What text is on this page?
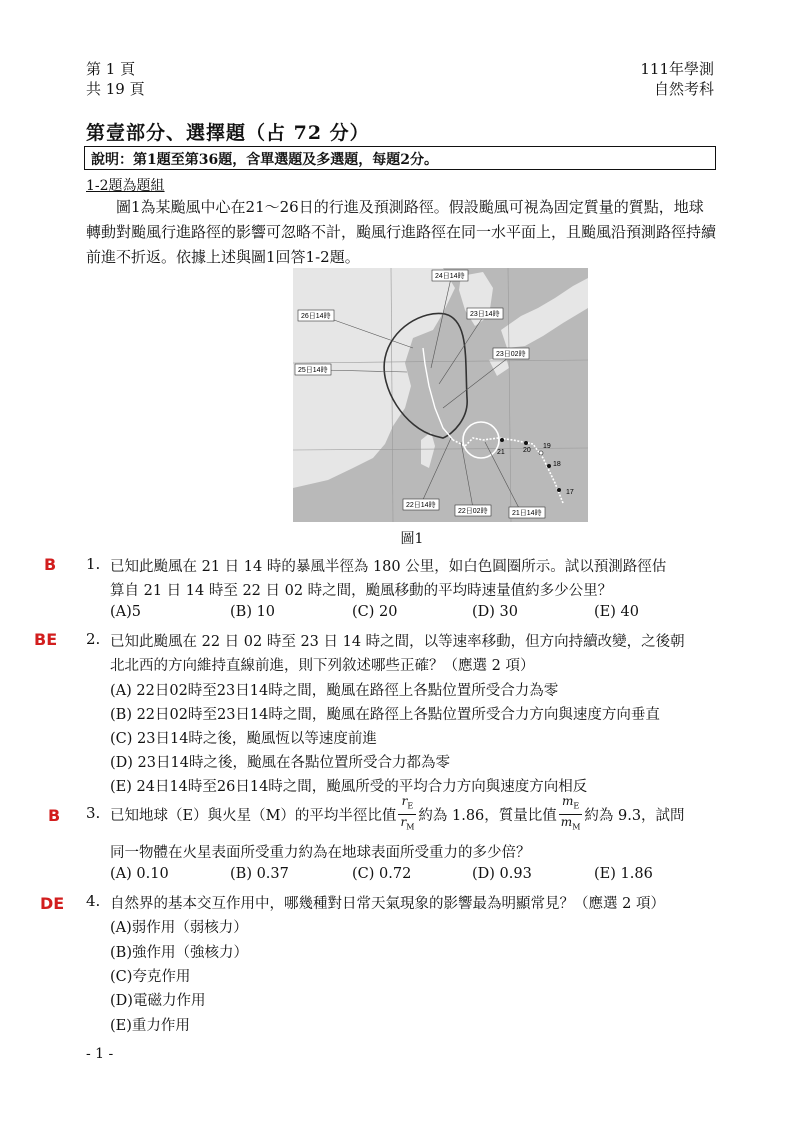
第 1 頁
共 19 頁
111年學測
自然考科
第壹部分、選擇題（占 72 分）
說明：第1題至第36題，含單選題及多選題，每題2分。
1-2題為題組
圖1為某颱風中心在21～26日的行進及預測路徑。假設颱風可視為固定質量的質點，地球轉動對颱風行進路徑的影響可忽略不計，颱風行進路徑在同一水平面上，且颱風沿預測路徑持續前進不折返。依據上述與圖1回答1-2題。
24日14時
26日14時	23日14時
23日02時
25日14時
22日14時
22日02時	21日14時
21	20
19
18
17
圖1
B 1. 已知此颱風在 21 日 14 時的暴風半徑為 180 公里，如白色圓圈所示。試以預測路徑估
算自 21 日 14 時至 22 日 02 時之間，颱風移動的平均時速量值約多少公里？
(A)5	(B) 10	(C) 20	(D) 30	(E) 40
BE 2. 已知此颱風在 22 日 02 時至 23 日 14 時之間，以等速率移動，但方向持續改變，之後朝
北北西的方向維持直線前進，則下列敘述哪些正確？（應選 2 項）
(A) 22日02時至23日14時之間，颱風在路徑上各點位置所受合力為零
(B) 22日02時至23日14時之間，颱風在路徑上各點位置所受合力方向與速度方向垂直
(C) 23日14時之後，颱風恆以等速度前進
(D) 23日14時之後，颱風在各點位置所受合力都為零
(E) 24日14時至26日14時之間，颱風所受的平均合力方向與速度方向相反
B 3. 已知地球（E）與火星（M）的平均半徑比值 $\frac{r_E}{r_M}$ 約為 1.86，質量比值 $\frac{m_E}{m_M}$ 約為 9.3，試問
同一物體在火星表面所受重力約為在地球表面所受重力的多少倍？
(A) 0.10	(B) 0.37	(C) 0.72	(D) 0.93	(E) 1.86
DE 4. 自然界的基本交互作用中，哪幾種對日常天氣現象的影響最為明顯常見？（應選 2 項）
(A)弱作用（弱核力）
(B)強作用（強核力）
(C)夸克作用
(D)電磁力作用
(E)重力作用
- 1 -
